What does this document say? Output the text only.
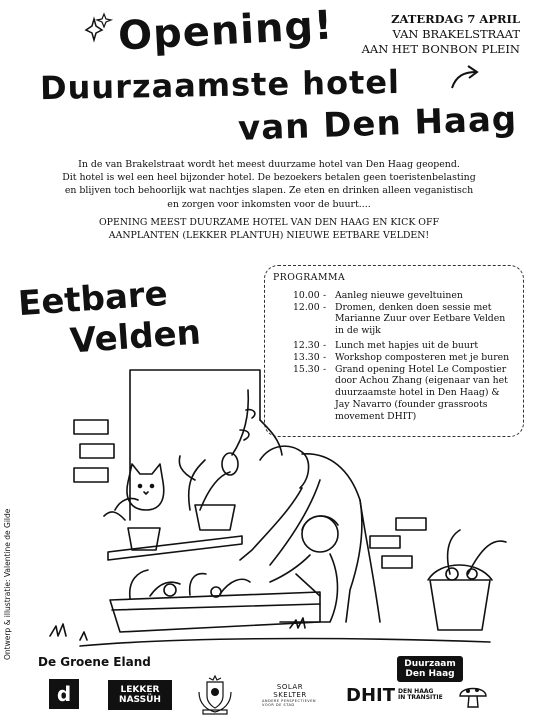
Opening!
Duurzaamste hotel
van Den Haag
ZATERDAG 7 APRIL
VAN BRAKELSTRAAT
AAN HET BONBON PLEIN
In de van Brakelstraat wordt het meest duurzame hotel van Den Haag geopend.
Dit hotel is wel een heel bijzonder hotel. De bezoekers betalen geen toeristenbelasting
en blijven toch behoorlijk wat nachtjes slapen. Ze eten en drinken alleen veganistisch
en zorgen voor inkomsten voor de buurt....
OPENING MEEST DUURZAME HOTEL VAN DEN HAAG EN KICK OFF
AANPLANTEN (LEKKER PLANTUH) NIEUWE EETBARE VELDEN!
Eetbare
Velden
PROGRAMMA
10.00 - Aanleg nieuwe geveltuinen
12.00 - Dromen, denken doen sessie met Marianne Zuur over Eetbare Velden in de wijk
12.30 - Lunch met hapjes uit de buurt
13.30 - Workshop composteren met je buren
15.30 - Grand opening Hotel Le Compostier door Achou Zhang (eigenaar van het duurzaamste hotel in Den Haag) & Jay Navarro (founder grassroots movement DHIT)
Ontwerp & illustratie: Valentine de Gilde
De Groene Eland
d	LEKKER
NASSÜH
SOLAR
SKELTER
ANDERE PERSPECTIEVEN VOOR DE STAD	DHIT DEN HAAG
IN TRANSITIE
Duurzaam
Den Haag
